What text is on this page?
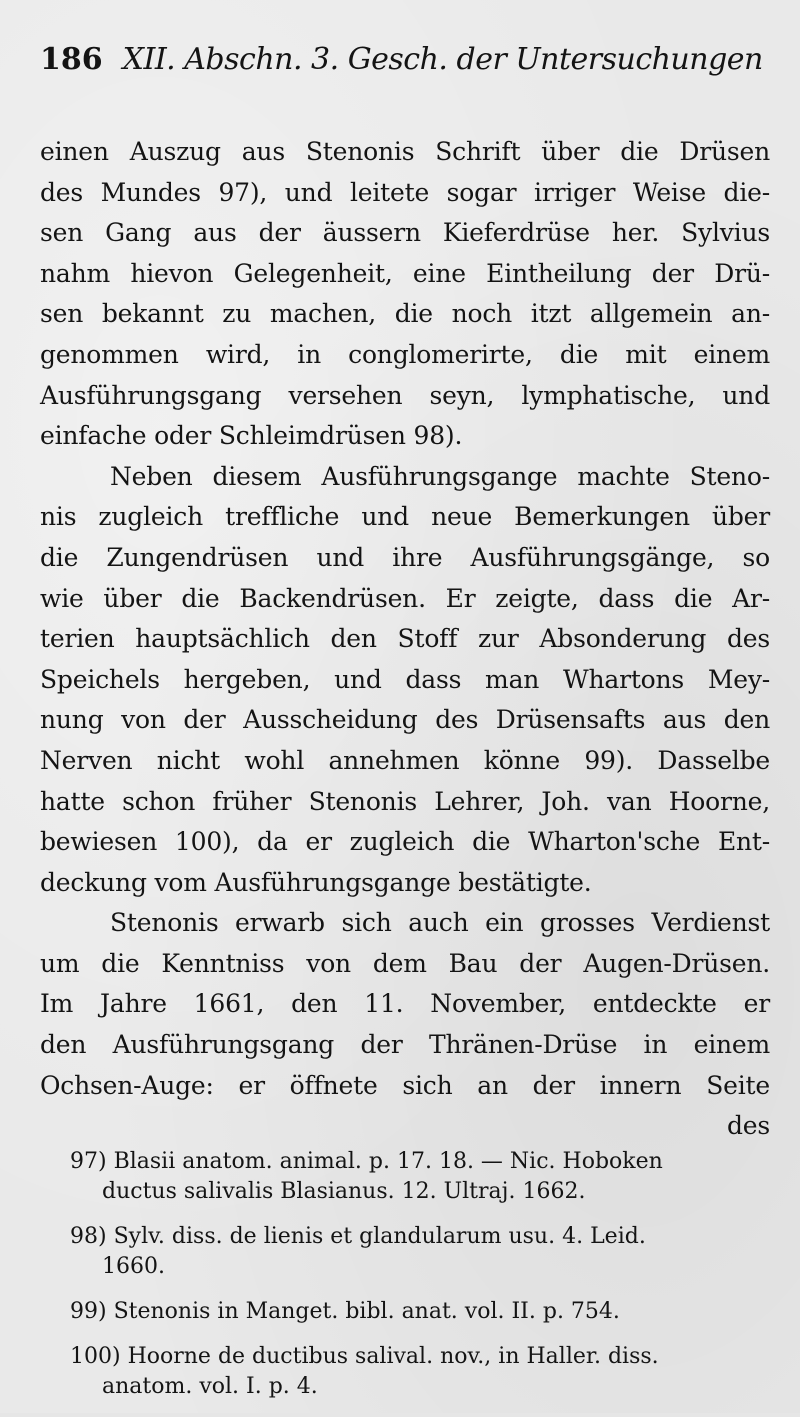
186 XII. Abschn. 3. Gesch. der Untersuchungen
einen Auszug aus Stenonis Schrift über die Drüsen
des Mundes 97), und leitete sogar irriger Weise die-
sen Gang aus der äussern Kieferdrüse her. Sylvius
nahm hievon Gelegenheit, eine Eintheilung der Drü-
sen bekannt zu machen, die noch itzt allgemein an-
genommen wird, in conglomerirte, die mit einem
Ausführungsgang versehen seyn, lymphatische, und
einfache oder Schleimdrüsen 98).
Neben diesem Ausführungsgange machte Steno-
nis zugleich treffliche und neue Bemerkungen über
die Zungendrüsen und ihre Ausführungsgänge, so
wie über die Backendrüsen. Er zeigte, dass die Ar-
terien hauptsächlich den Stoff zur Absonderung des
Speichels hergeben, und dass man Whartons Mey-
nung von der Ausscheidung des Drüsensafts aus den
Nerven nicht wohl annehmen könne 99). Dasselbe
hatte schon früher Stenonis Lehrer, Joh. van Hoorne,
bewiesen 100), da er zugleich die Wharton'sche Ent-
deckung vom Ausführungsgange bestätigte.
Stenonis erwarb sich auch ein grosses Verdienst
um die Kenntniss von dem Bau der Augen-Drüsen.
Im Jahre 1661, den 11. November, entdeckte er
den Ausführungsgang der Thränen-Drüse in einem
Ochsen-Auge: er öffnete sich an der innern Seite
des
97) Blasii anatom. animal. p. 17. 18. — Nic. Hoboken
ductus salivalis Blasianus. 12. Ultraj. 1662.
98) Sylv. diss. de lienis et glandularum usu. 4. Leid.
1660.
99) Stenonis in Manget. bibl. anat. vol. II. p. 754.
100) Hoorne de ductibus salival. nov., in Haller. diss.
anatom. vol. I. p. 4.
